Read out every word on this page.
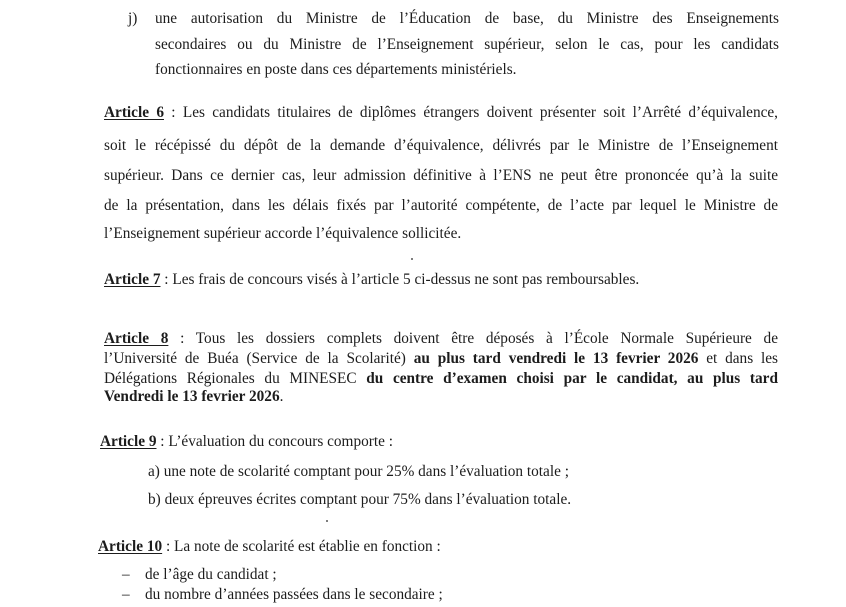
j) une autorisation du Ministre de l’Éducation de base, du Ministre des Enseignements
secondaires ou du Ministre de l’Enseignement supérieur, selon le cas, pour les candidats
fonctionnaires en poste dans ces départements ministériels.
Article 6 : Les candidats titulaires de diplômes étrangers doivent présenter soit l’Arrêté d’équivalence,
soit le récépissé du dépôt de la demande d’équivalence, délivrés par le Ministre de l’Enseignement
supérieur. Dans ce dernier cas, leur admission définitive à l’ENS ne peut être prononcée qu’à la suite
de la présentation, dans les délais fixés par l’autorité compétente, de l’acte par lequel le Ministre de
l’Enseignement supérieur accorde l’équivalence sollicitée.
Article 7 : Les frais de concours visés à l’article 5 ci-dessus ne sont pas remboursables.
Article 8 : Tous les dossiers complets doivent être déposés à l’École Normale Supérieure de
l’Université de Buéa (Service de la Scolarité) au plus tard vendredi le 13 fevrier 2026 et dans les
Délégations Régionales du MINESEC du centre d’examen choisi par le candidat, au plus tard
Vendredi le 13 fevrier 2026.
Article 9 : L’évaluation du concours comporte :
a) une note de scolarité comptant pour 25% dans l’évaluation totale ;
b) deux épreuves écrites comptant pour 75% dans l’évaluation totale.
Article 10 : La note de scolarité est établie en fonction :
– de l’âge du candidat ;
– du nombre d’années passées dans le secondaire ;
